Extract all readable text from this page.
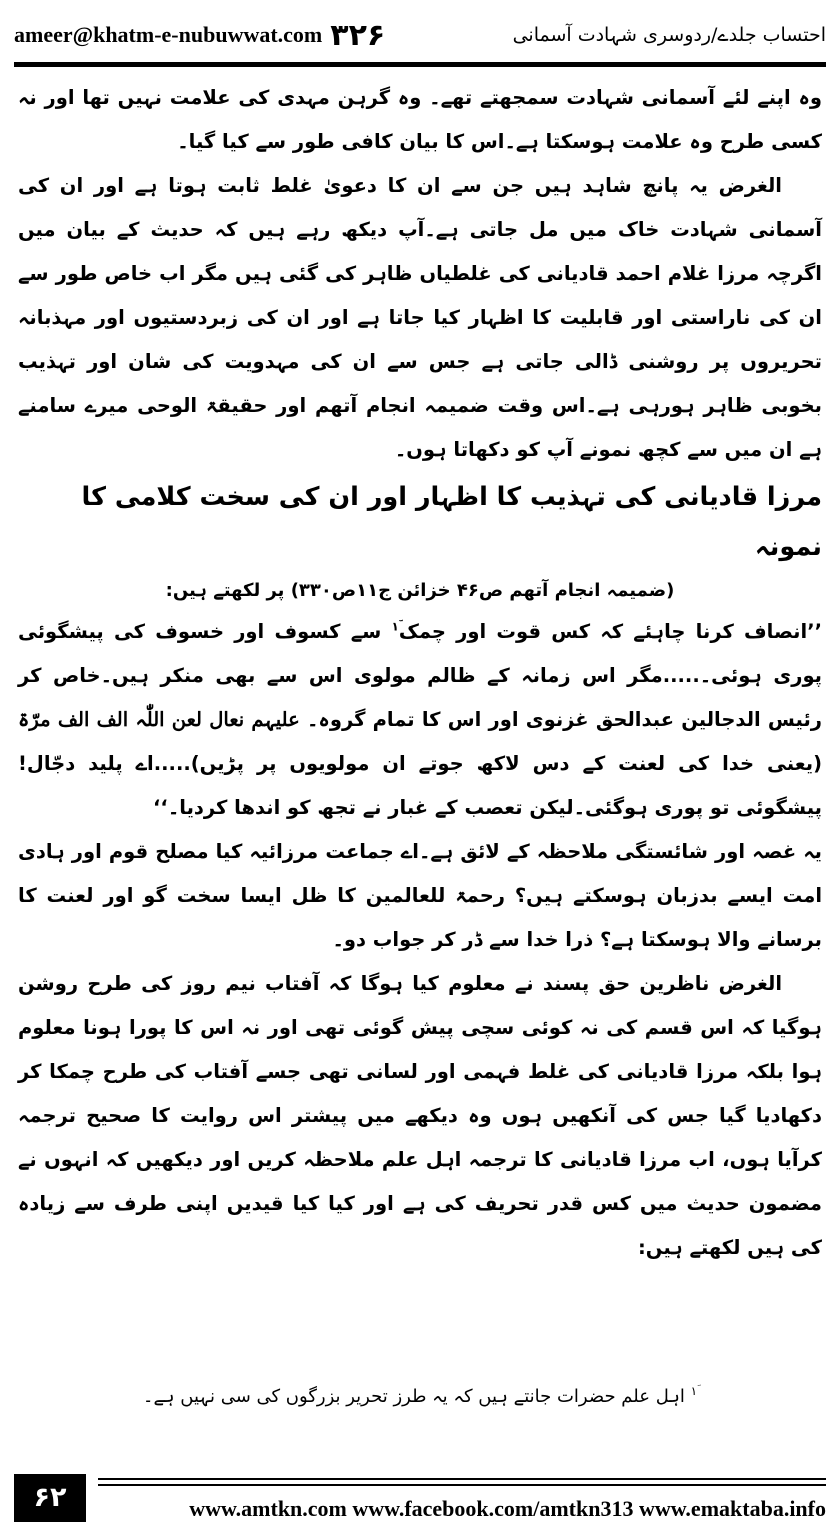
ameer@khatm-e-nubuwwat.com ۳۲۶	احتساب جلدے/ردوسری شہادت آسمانی

وہ اپنے لئے آسمانی شہادت سمجھتے تھے۔ وہ گرہن مہدی کی علامت نہیں تھا اور نہ کسی طرح وہ علامت ہوسکتا ہے۔اس کا بیان کافی طور سے کیا گیا۔

الغرض یہ پانچ شاہد ہیں جن سے ان کا دعویٰ غلط ثابت ہوتا ہے اور ان کی آسمانی شہادت خاک میں مل جاتی ہے۔آپ دیکھ رہے ہیں کہ حدیث کے بیان میں اگرچہ مرزا غلام احمد قادیانی کی غلطیاں ظاہر کی گئی ہیں مگر اب خاص طور سے ان کی ناراستی اور قابلیت کا اظہار کیا جاتا ہے اور ان کی زبردستیوں اور مہذبانہ تحریروں پر روشنی ڈالی جاتی ہے جس سے ان کی مہدویت کی شان اور تہذیب بخوبی ظاہر ہورہی ہے۔اس وقت ضمیمہ انجام آتھم اور حقیقۃ الوحی میرے سامنے ہے ان میں سے کچھ نمونے آپ کو دکھاتا ہوں۔

مرزا قادیانی کی تہذیب کا اظہار اور ان کی سخت کلامی کا نمونہ

(ضمیمہ انجام آتھم ص۴۶ خزائن ج۱۱ص۳۳۰) پر لکھتے ہیں:

’’انصاف کرنا چاہئے کہ کس قوت اور چمک$^{ؔ۱}$ سے کسوف اور خسوف کی پیشگوئی پوری ہوئی۔.....مگر اس زمانہ کے ظالم مولوی اس سے بھی منکر ہیں۔خاص کر رئیس الدجالین عبدالحق غزنوی اور اس کا تمام گروہ۔ علیہم نعال لعن اللّٰہ الف الف مرّۃ (یعنی خدا کی لعنت کے دس لاکھ جوتے ان مولویوں پر پڑیں).....اے پلید دجّال!پیشگوئی تو پوری ہوگئی۔لیکن تعصب کے غبار نے تجھ کو اندھا کردیا۔‘‘

یہ غصہ اور شائستگی ملاحظہ کے لائق ہے۔اے جماعت مرزائیہ کیا مصلح قوم اور ہادی امت ایسے بدزبان ہوسکتے ہیں؟ رحمۃ للعالمین کا ظل ایسا سخت گو اور لعنت کا برسانے والا ہوسکتا ہے؟ ذرا خدا سے ڈر کر جواب دو۔

الغرض ناظرین حق پسند نے معلوم کیا ہوگا کہ آفتاب نیم روز کی طرح روشن ہوگیا کہ اس قسم کی نہ کوئی سچی پیش گوئی تھی اور نہ اس کا پورا ہونا معلوم ہوا بلکہ مرزا قادیانی کی غلط فہمی اور لسانی تھی جسے آفتاب کی طرح چمکا کر دکھادیا گیا جس کی آنکھیں ہوں وہ دیکھے میں پیشتر اس روایت کا صحیح ترجمہ کرآیا ہوں، اب مرزا قادیانی کا ترجمہ اہل علم ملاحظہ کریں اور دیکھیں کہ انہوں نے مضمون حدیث میں کس قدر تحریف کی ہے اور کیا کیا قیدیں اپنی طرف سے زیادہ کی ہیں لکھتے ہیں:

$^{ؔ۱}$ اہل علم حضرات جانتے ہیں کہ یہ طرز تحریر بزرگوں کی سی نہیں ہے۔
۶۲	www.amtkn.com www.facebook.com/amtkn313 www.emaktaba.info
